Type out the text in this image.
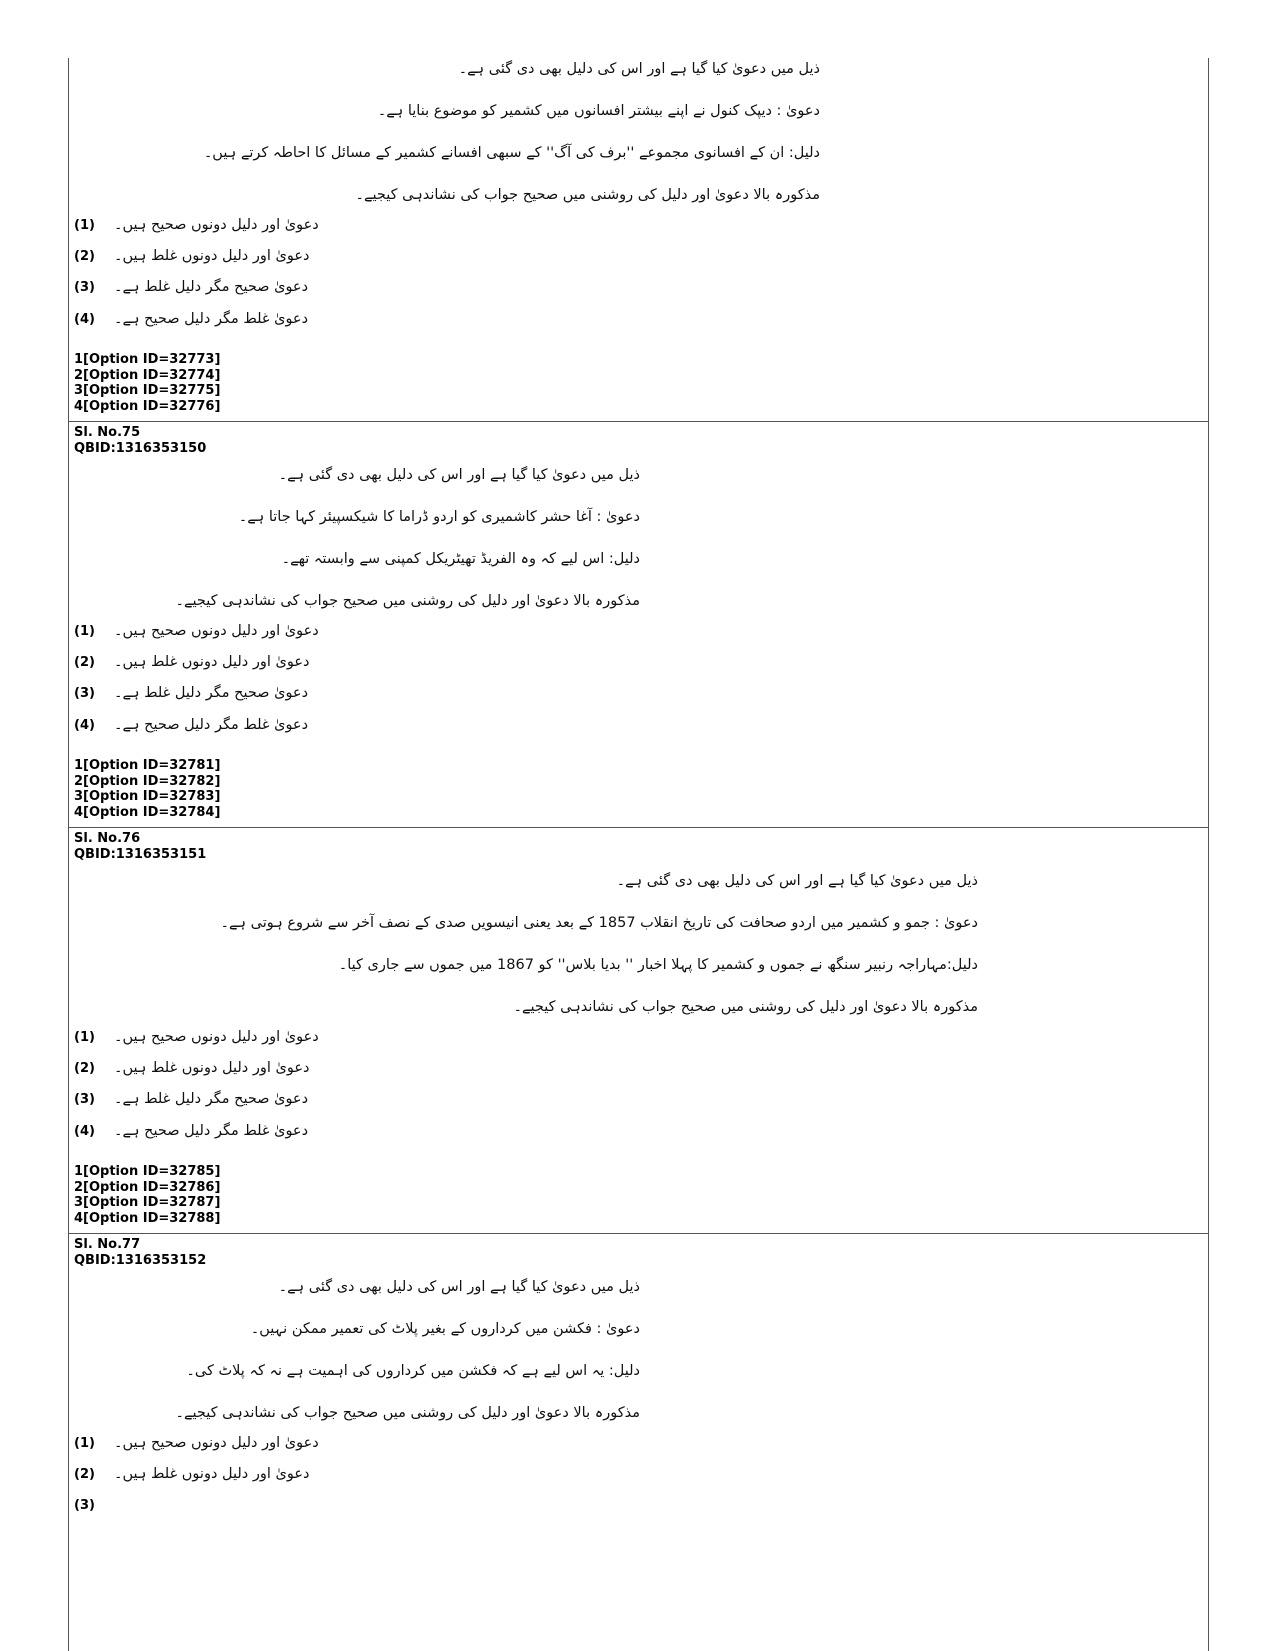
ذیل میں دعویٰ کیا گیا ہے اور اس کی دلیل بھی دی گئی ہے۔
دعویٰ : دیپک کنول نے اپنے بیشتر افسانوں میں کشمیر کو موضوع بنایا ہے۔
دلیل: ان کے افسانوی مجموعے ''برف کی آگ'' کے سبھی افسانے کشمیر کے مسائل کا احاطہ کرتے ہیں۔
مذکورہ بالا دعویٰ اور دلیل کی روشنی میں صحیح جواب کی نشاندہی کیجیے۔
(1)	دعویٰ اور دلیل دونوں صحیح ہیں۔
(2)	دعویٰ اور دلیل دونوں غلط ہیں۔
(3)	دعویٰ صحیح مگر دلیل غلط ہے۔
(4)	دعویٰ غلط مگر دلیل صحیح ہے۔
1[Option ID=32773]
2[Option ID=32774]
3[Option ID=32775]
4[Option ID=32776]
Sl. No.75
QBID:1316353150
ذیل میں دعویٰ کیا گیا ہے اور اس کی دلیل بھی دی گئی ہے۔
دعویٰ : آغا حشر کاشمیری کو اردو ڈراما کا شیکسپیئر کہا جاتا ہے۔
دلیل: اس لیے کہ وہ الفریڈ تھیٹریکل کمپنی سے وابستہ تھے۔
مذکورہ بالا دعویٰ اور دلیل کی روشنی میں صحیح جواب کی نشاندہی کیجیے۔
(1)	دعویٰ اور دلیل دونوں صحیح ہیں۔
(2)	دعویٰ اور دلیل دونوں غلط ہیں۔
(3)	دعویٰ صحیح مگر دلیل غلط ہے۔
(4)	دعویٰ غلط مگر دلیل صحیح ہے۔
1[Option ID=32781]
2[Option ID=32782]
3[Option ID=32783]
4[Option ID=32784]
Sl. No.76
QBID:1316353151
ذیل میں دعویٰ کیا گیا ہے اور اس کی دلیل بھی دی گئی ہے۔
دعویٰ : جمو و کشمیر میں اردو صحافت کی تاریخ انقلاب 1857 کے بعد یعنی انیسویں صدی کے نصف آخر سے شروع ہوتی ہے۔
دلیل:مہاراجہ رنبیر سنگھ نے جموں و کشمیر کا پہلا اخبار '' بدیا بلاس'' کو 1867 میں جموں سے جاری کیا۔
مذکورہ بالا دعویٰ اور دلیل کی روشنی میں صحیح جواب کی نشاندہی کیجیے۔
(1)	دعویٰ اور دلیل دونوں صحیح ہیں۔
(2)	دعویٰ اور دلیل دونوں غلط ہیں۔
(3)	دعویٰ صحیح مگر دلیل غلط ہے۔
(4)	دعویٰ غلط مگر دلیل صحیح ہے۔
1[Option ID=32785]
2[Option ID=32786]
3[Option ID=32787]
4[Option ID=32788]
Sl. No.77
QBID:1316353152
ذیل میں دعویٰ کیا گیا ہے اور اس کی دلیل بھی دی گئی ہے۔
دعویٰ : فکشن میں کرداروں کے بغیر پلاٹ کی تعمیر ممکن نہیں۔
دلیل: یہ اس لیے ہے کہ فکشن میں کرداروں کی اہمیت ہے نہ کہ پلاٹ کی۔
مذکورہ بالا دعویٰ اور دلیل کی روشنی میں صحیح جواب کی نشاندہی کیجیے۔
(1)	دعویٰ اور دلیل دونوں صحیح ہیں۔
(2)	دعویٰ اور دلیل دونوں غلط ہیں۔
(3)
